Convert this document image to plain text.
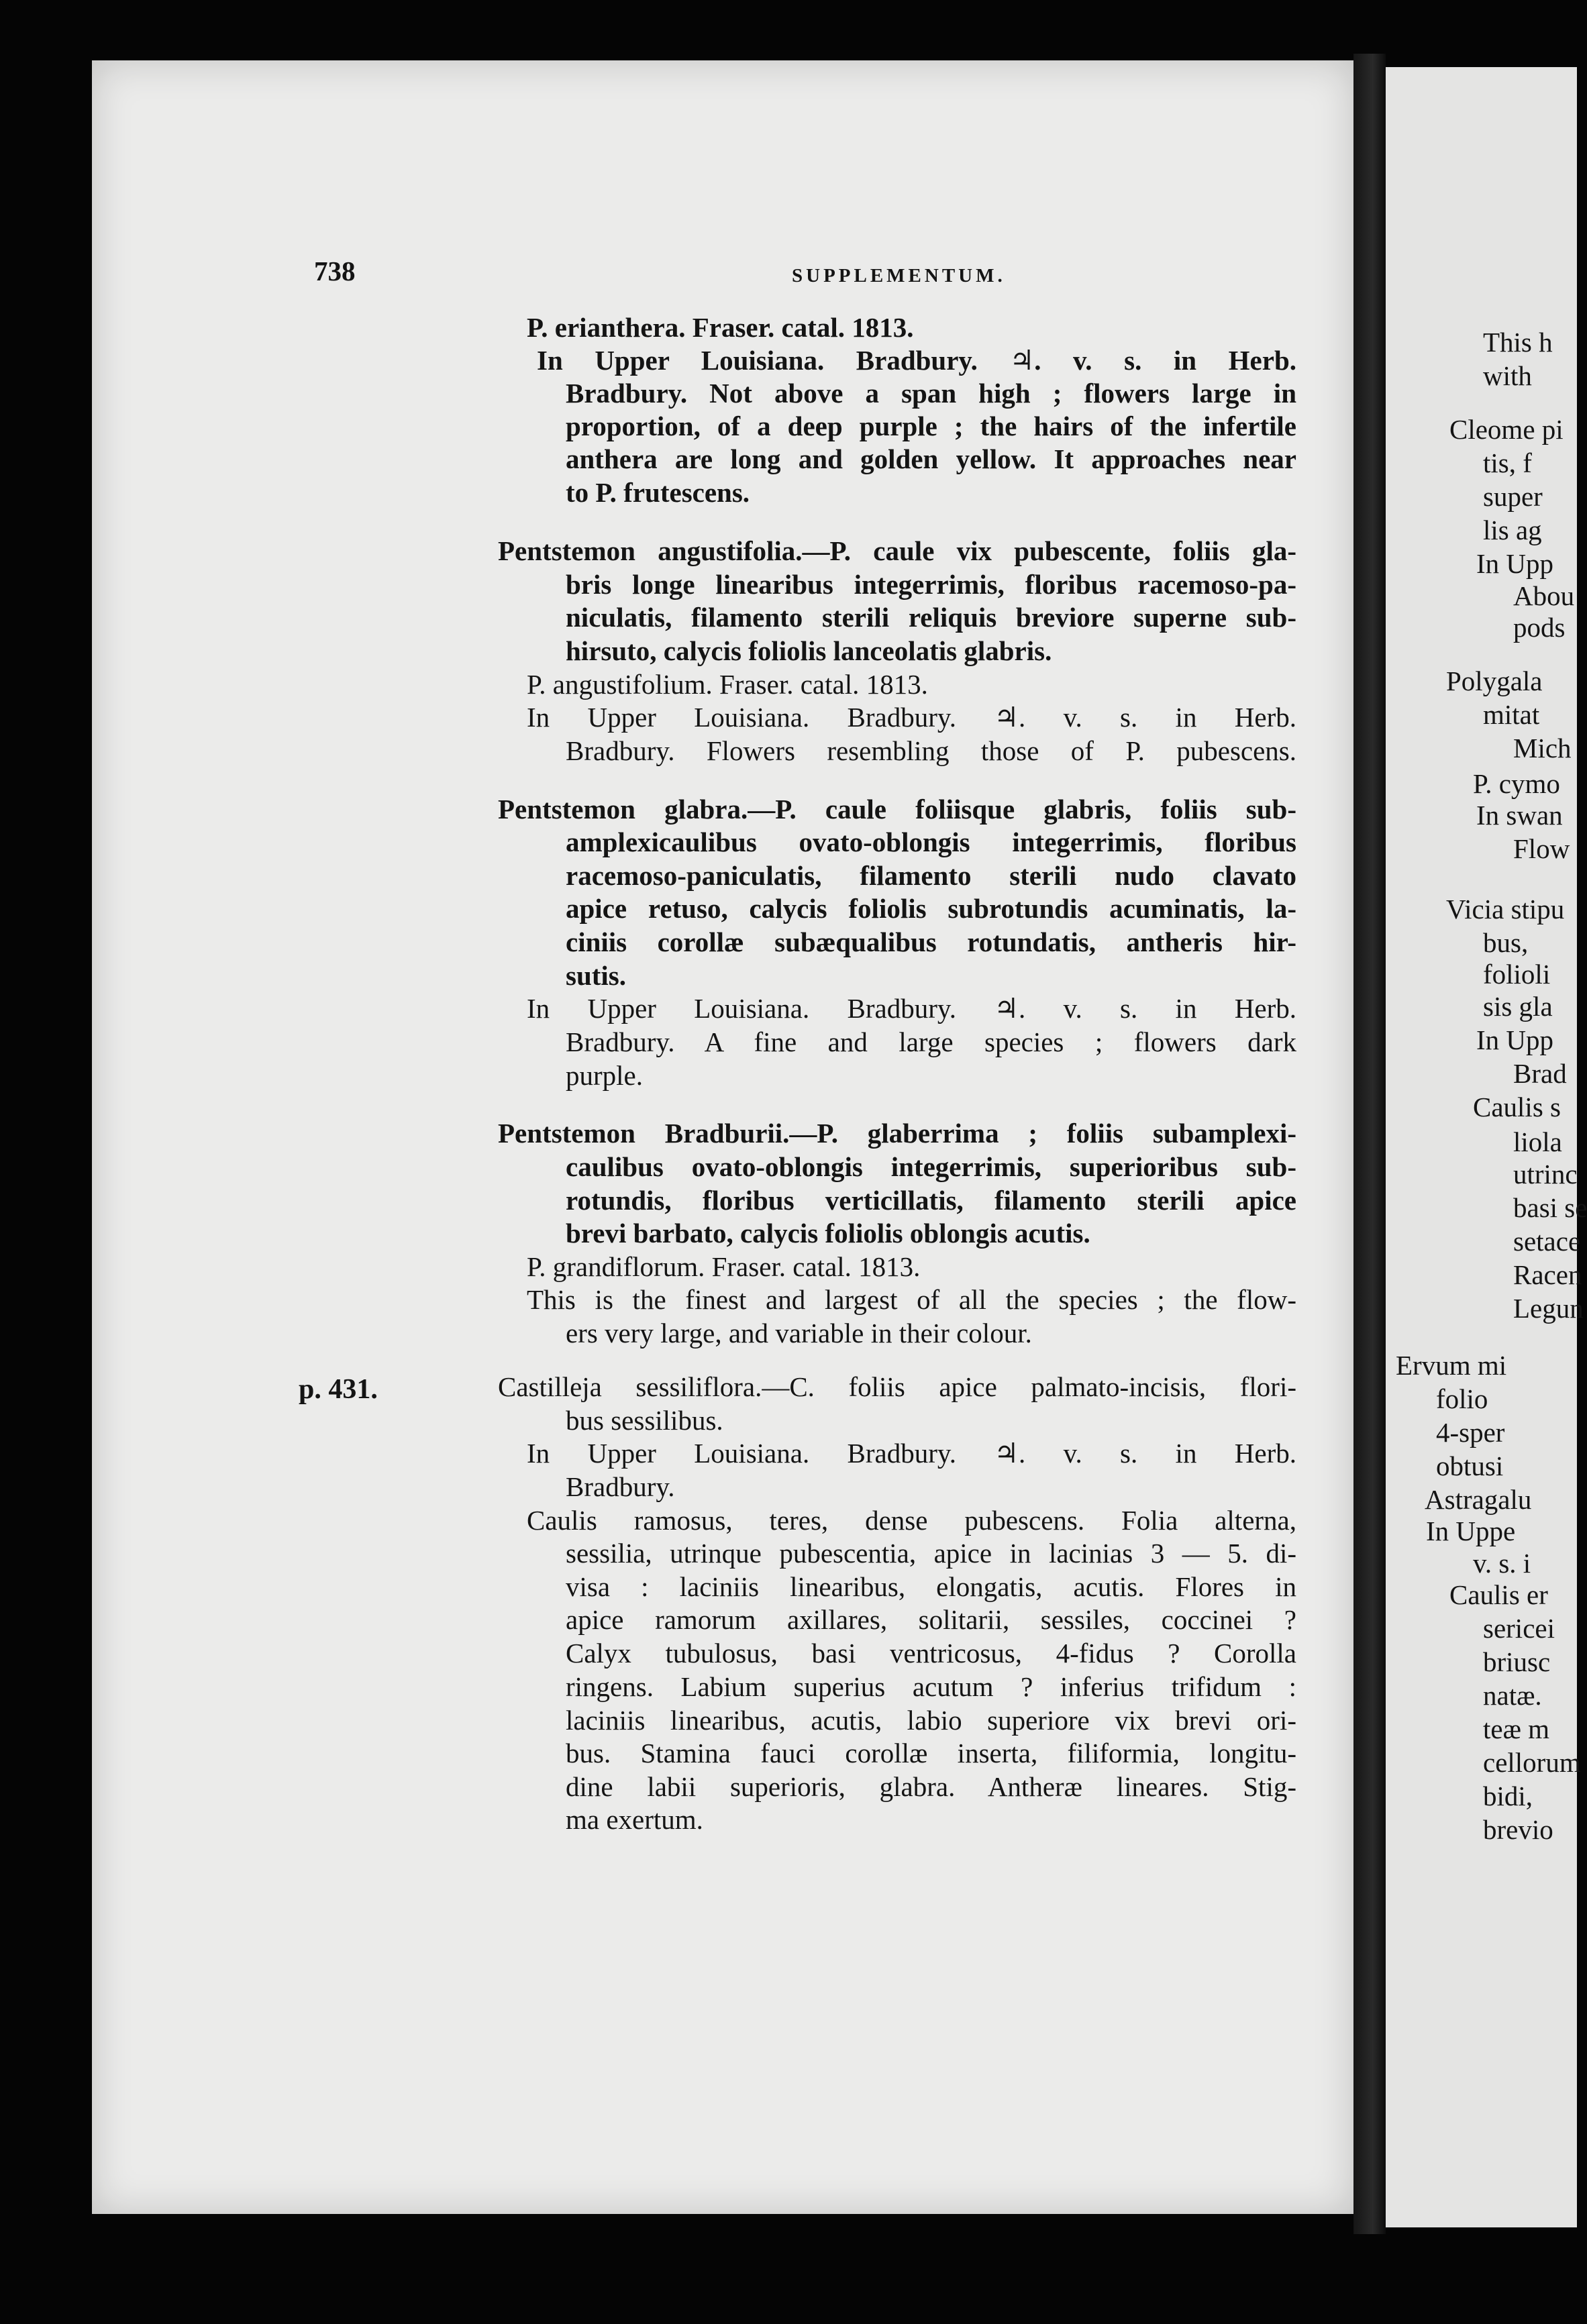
738	SUPPLEMENTUM.
p. 431.
P. erianthera. Fraser. catal. 1813.
In Upper Louisiana. Bradbury. ♃. v. s. in Herb.
Bradbury. Not above a span high ; flowers large in
proportion, of a deep purple ; the hairs of the infertile
anthera are long and golden yellow. It approaches near
to P. frutescens.
Pentstemon angustifolia.—P. caule vix pubescente, foliis gla-
bris longe linearibus integerrimis, floribus racemoso-pa-
niculatis, filamento sterili reliquis breviore superne sub-
hirsuto, calycis foliolis lanceolatis glabris.
P. angustifolium. Fraser. catal. 1813.
In Upper Louisiana. Bradbury. ♃. v. s. in Herb.
Bradbury. Flowers resembling those of P. pubescens.
Pentstemon glabra.—P. caule foliisque glabris, foliis sub-
amplexicaulibus ovato-oblongis integerrimis, floribus
racemoso-paniculatis, filamento sterili nudo clavato
apice retuso, calycis foliolis subrotundis acuminatis, la-
ciniis corollæ subæqualibus rotundatis, antheris hir-
sutis.
In Upper Louisiana. Bradbury. ♃. v. s. in Herb.
Bradbury. A fine and large species ; flowers dark
purple.
Pentstemon Bradburii.—P. glaberrima ; foliis subamplexi-
caulibus ovato-oblongis integerrimis, superioribus sub-
rotundis, floribus verticillatis, filamento sterili apice
brevi barbato, calycis foliolis oblongis acutis.
P. grandiflorum. Fraser. catal. 1813.
This is the finest and largest of all the species ; the flow-
ers very large, and variable in their colour.
Castilleja sessiliflora.—C. foliis apice palmato-incisis, flori-
bus sessilibus.
In Upper Louisiana. Bradbury. ♃. v. s. in Herb.
Bradbury.
Caulis ramosus, teres, dense pubescens. Folia alterna,
sessilia, utrinque pubescentia, apice in lacinias 3 — 5. di-
visa : laciniis linearibus, elongatis, acutis. Flores in
apice ramorum axillares, solitarii, sessiles, coccinei ?
Calyx tubulosus, basi ventricosus, 4-fidus ? Corolla
ringens. Labium superius acutum ? inferius trifidum :
laciniis linearibus, acutis, labio superiore vix brevi ori-
bus. Stamina fauci corollæ inserta, filiformia, longitu-
dine labii superioris, glabra. Antheræ lineares. Stig-
ma exertum.
This h
with
Cleome pi
tis, f
super
lis ag
In Upp
Abou
pods
Polygala
mitat
Mich
P. cymo
In swan
Flow
Vicia stipu
bus,
folioli
sis gla
In Upp
Brad
Caulis s
liola
utrinc
basi se
setace
Racen
Legun
Ervum mi
folio
4-sper
obtusi
Astragalu
In Uppe
v. s. i
Caulis er
sericei
briusc
natæ.
teæ m
cellorum
bidi,
brevio
